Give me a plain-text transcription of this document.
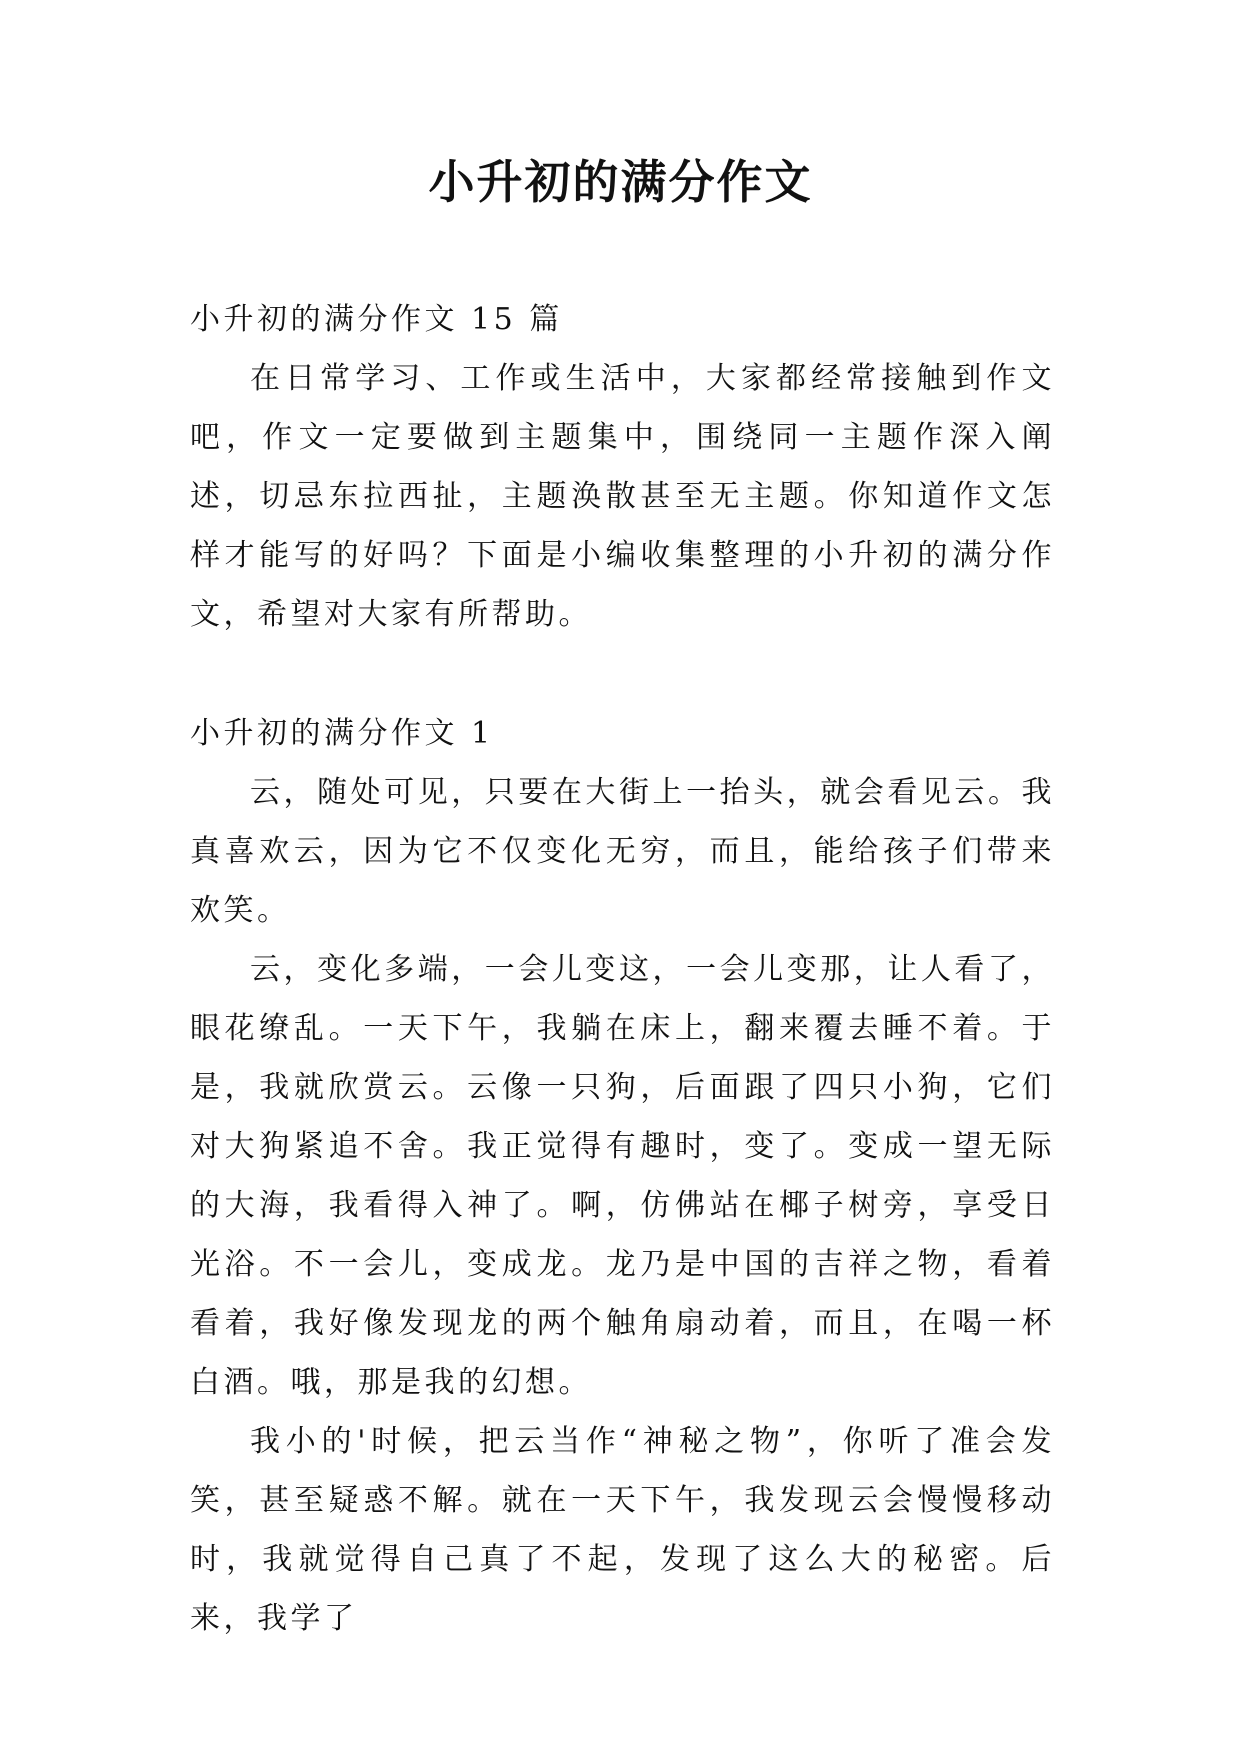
小升初的满分作文

小升初的满分作文 15 篇

在日常学习、工作或生活中，大家都经常接触到作文吧，作文一定要做到主题集中，围绕同一主题作深入阐述，切忌东拉西扯，主题涣散甚至无主题。你知道作文怎样才能写的好吗？下面是小编收集整理的小升初的满分作文，希望对大家有所帮助。

小升初的满分作文 1

云，随处可见，只要在大街上一抬头，就会看见云。我真喜欢云，因为它不仅变化无穷，而且，能给孩子们带来欢笑。

云，变化多端，一会儿变这，一会儿变那，让人看了，眼花缭乱。一天下午，我躺在床上，翻来覆去睡不着。于是，我就欣赏云。云像一只狗，后面跟了四只小狗，它们对大狗紧追不舍。我正觉得有趣时，变了。变成一望无际的大海，我看得入神了。啊，仿佛站在椰子树旁，享受日光浴。不一会儿，变成龙。龙乃是中国的吉祥之物，看着看着，我好像发现龙的两个触角扇动着，而且，在喝一杯白酒。哦，那是我的幻想。

我小的'时候，把云当作“神秘之物”，你听了准会发笑，甚至疑惑不解。就在一天下午，我发现云会慢慢移动时，我就觉得自己真了不起，发现了这么大的秘密。后来，我学了
